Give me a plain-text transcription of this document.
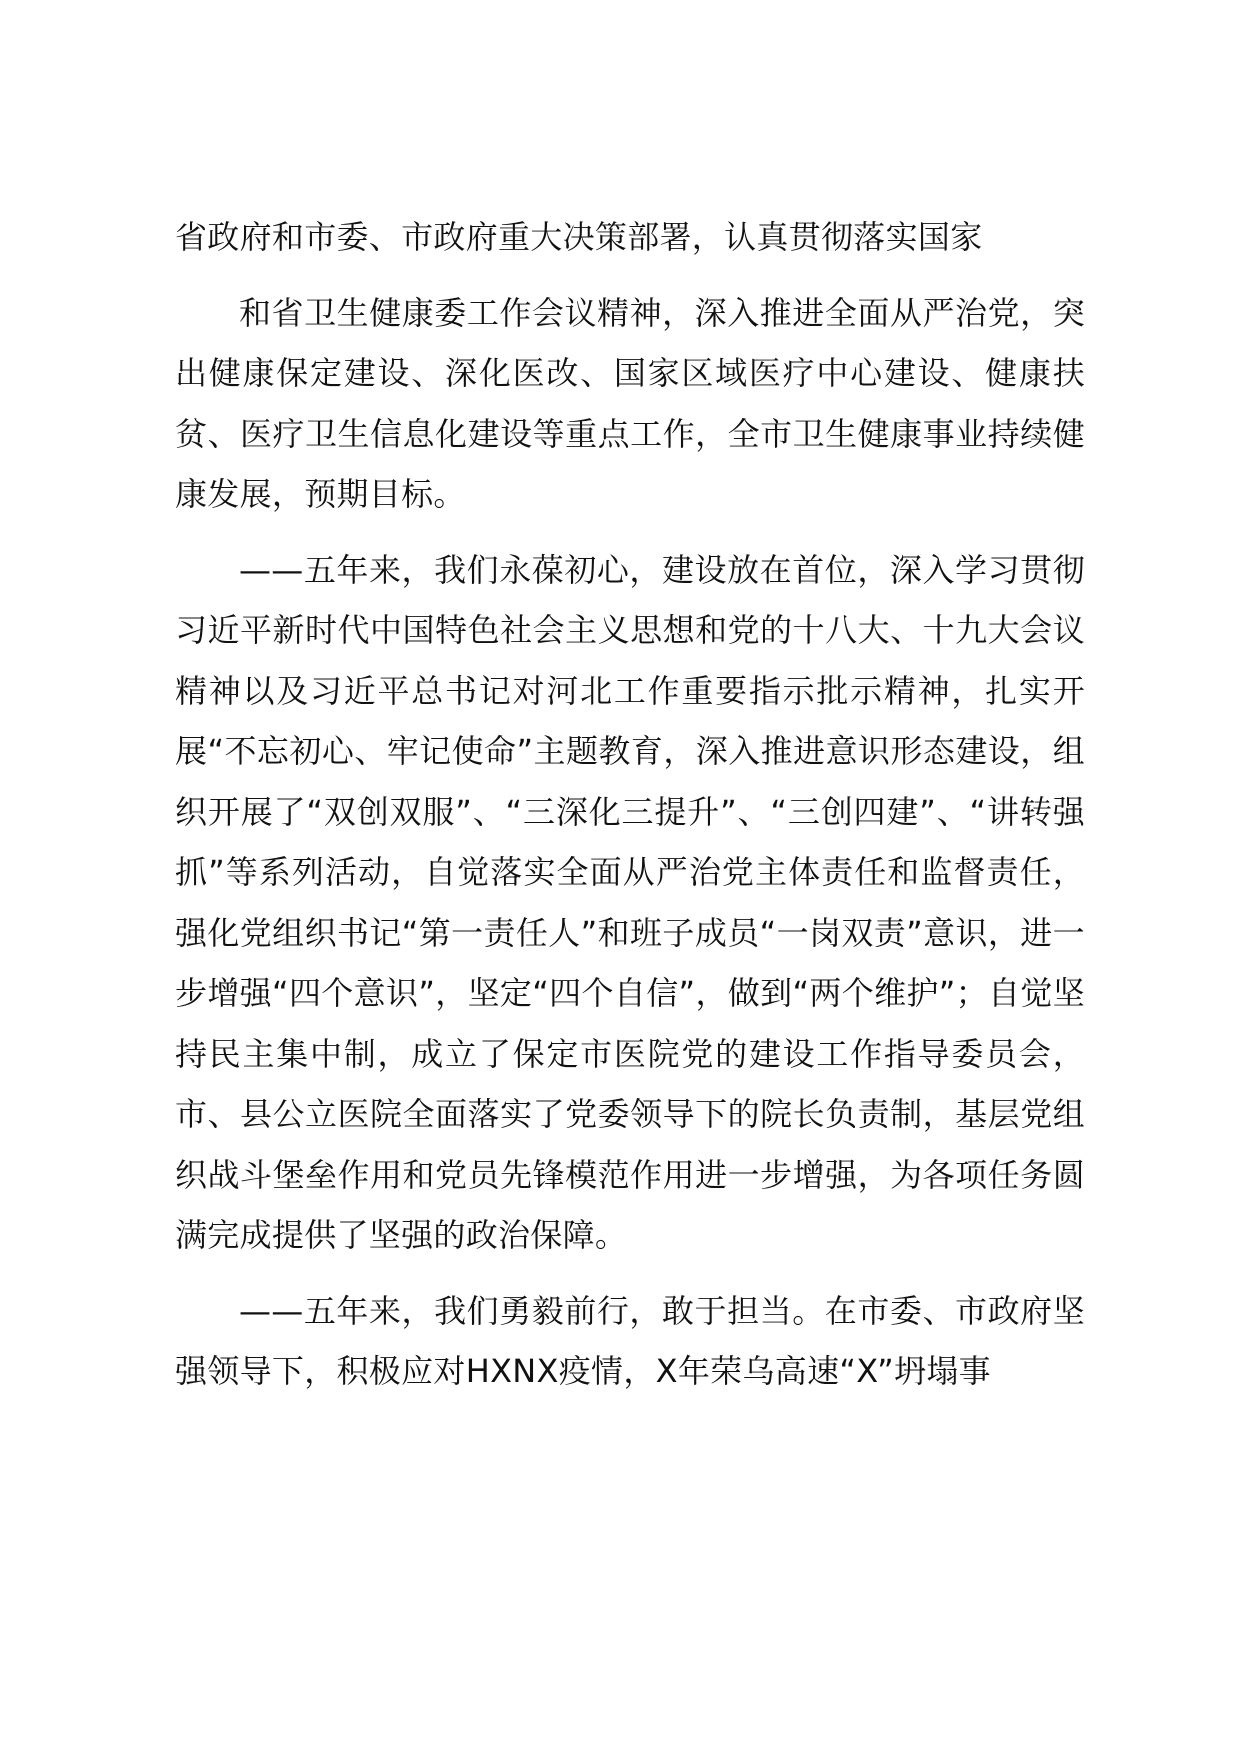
省政府和市委、市政府重大决策部署，认真贯彻落实国家

和省卫生健康委工作会议精神，深入推进全面从严治党，突出健康保定建设、深化医改、国家区域医疗中心建设、健康扶贫、医疗卫生信息化建设等重点工作，全市卫生健康事业持续健康发展，预期目标。

——五年来，我们永葆初心，建设放在首位，深入学习贯彻习近平新时代中国特色社会主义思想和党的十八大、十九大会议精神以及习近平总书记对河北工作重要指示批示精神，扎实开展“不忘初心、牢记使命”主题教育，深入推进意识形态建设，组织开展了“双创双服”、“三深化三提升”、“三创四建”、“讲转强抓”等系列活动，自觉落实全面从严治党主体责任和监督责任，强化党组织书记“第一责任人”和班子成员“一岗双责”意识，进一步增强“四个意识”，坚定“四个自信”，做到“两个维护”；自觉坚持民主集中制，成立了保定市医院党的建设工作指导委员会，市、县公立医院全面落实了党委领导下的院长负责制，基层党组织战斗堡垒作用和党员先锋模范作用进一步增强，为各项任务圆满完成提供了坚强的政治保障。

——五年来，我们勇毅前行，敢于担当。在市委、市政府坚强领导下，积极应对HXNX疫情，X年荣乌高速“X”坍塌事
